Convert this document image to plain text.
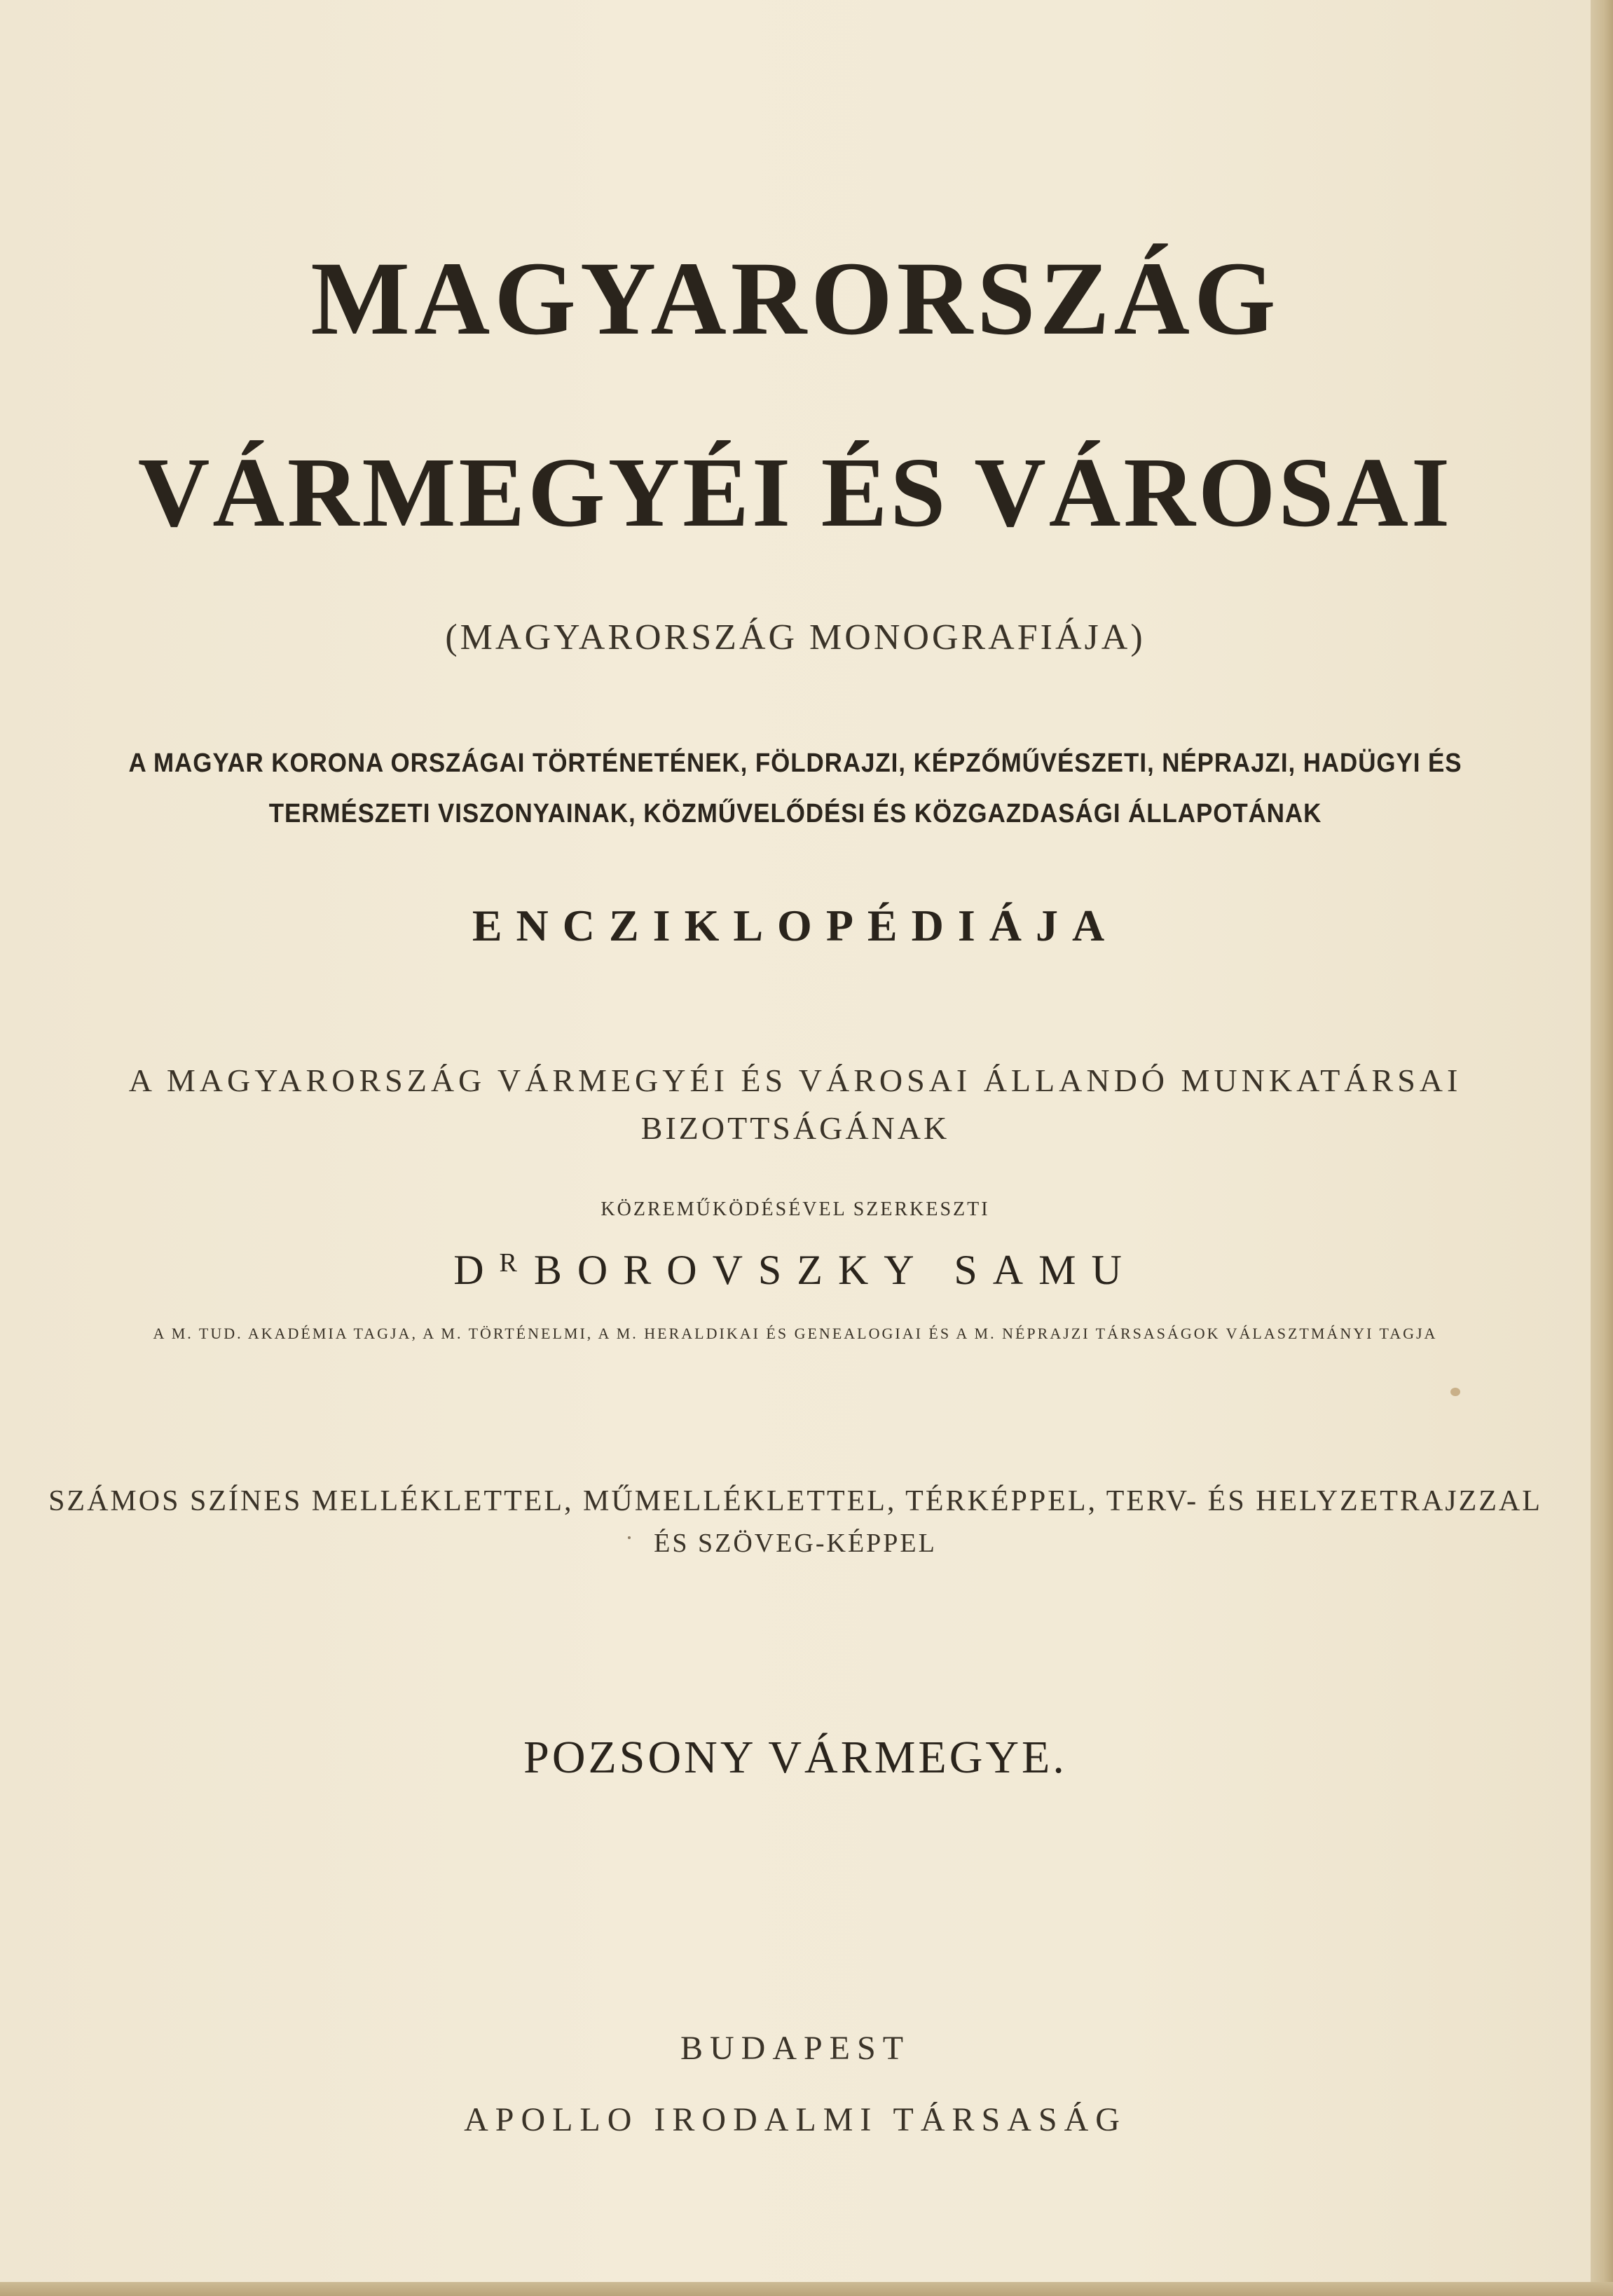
MAGYARORSZÁG
VÁRMEGYÉI ÉS VÁROSAI
(MAGYARORSZÁG MONOGRAFIÁJA)
A MAGYAR KORONA ORSZÁGAI TÖRTÉNETÉNEK, FÖLDRAJZI, KÉPZŐMŰVÉSZETI, NÉPRAJZI, HADÜGYI ÉS
TERMÉSZETI VISZONYAINAK, KÖZMŰVELŐDÉSI ÉS KÖZGAZDASÁGI ÁLLAPOTÁNAK
ENCZIKLOPÉDIÁJA
A MAGYARORSZÁG VÁRMEGYÉI ÉS VÁROSAI ÁLLANDÓ MUNKATÁRSAI
BIZOTTSÁGÁNAK
KÖZREMŰKÖDÉSÉVEL SZERKESZTI
$D^R$ BOROVSZKY SAMU
A M. TUD. AKADÉMIA TAGJA, A M. TÖRTÉNELMI, A M. HERALDIKAI ÉS GENEALOGIAI ÉS A M. NÉPRAJZI TÁRSASÁGOK VÁLASZTMÁNYI TAGJA
SZÁMOS SZÍNES MELLÉKLETTEL, MŰMELLÉKLETTEL, TÉRKÉPPEL, TERV- ÉS HELYZETRAJZZAL
ÉS SZÖVEG-KÉPPEL
POZSONY VÁRMEGYE.
BUDAPEST
APOLLO IRODALMI TÁRSASÁG
